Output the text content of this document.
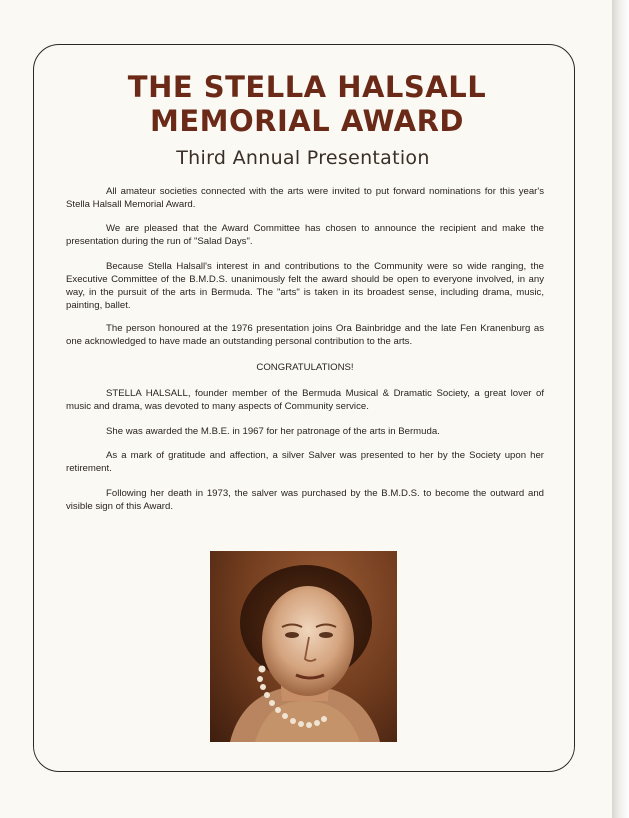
THE STELLA HALSALL
MEMORIAL AWARD
Third Annual Presentation

All amateur societies connected with the arts were invited to put forward nominations for this year's Stella Halsall Memorial Award.

We are pleased that the Award Committee has chosen to announce the recipient and make the presentation during the run of "Salad Days".

Because Stella Halsall's interest in and contributions to the Community were so wide ranging, the Executive Committee of the B.M.D.S. unanimously felt the award should be open to everyone involved, in any way, in the pursuit of the arts in Bermuda. The "arts" is taken in its broadest sense, including drama, music, painting, ballet.

The person honoured at the 1976 presentation joins Ora Bainbridge and the late Fen Kranenburg as one acknowledged to have made an outstanding personal contribution to the arts.

CONGRATULATIONS!

STELLA HALSALL, founder member of the Bermuda Musical & Dramatic Society, a great lover of music and drama, was devoted to many aspects of Community service.

She was awarded the M.B.E. in 1967 for her patronage of the arts in Bermuda.

As a mark of gratitude and affection, a silver Salver was presented to her by the Society upon her retirement.

Following her death in 1973, the salver was purchased by the B.M.D.S. to become the outward and visible sign of this Award.
